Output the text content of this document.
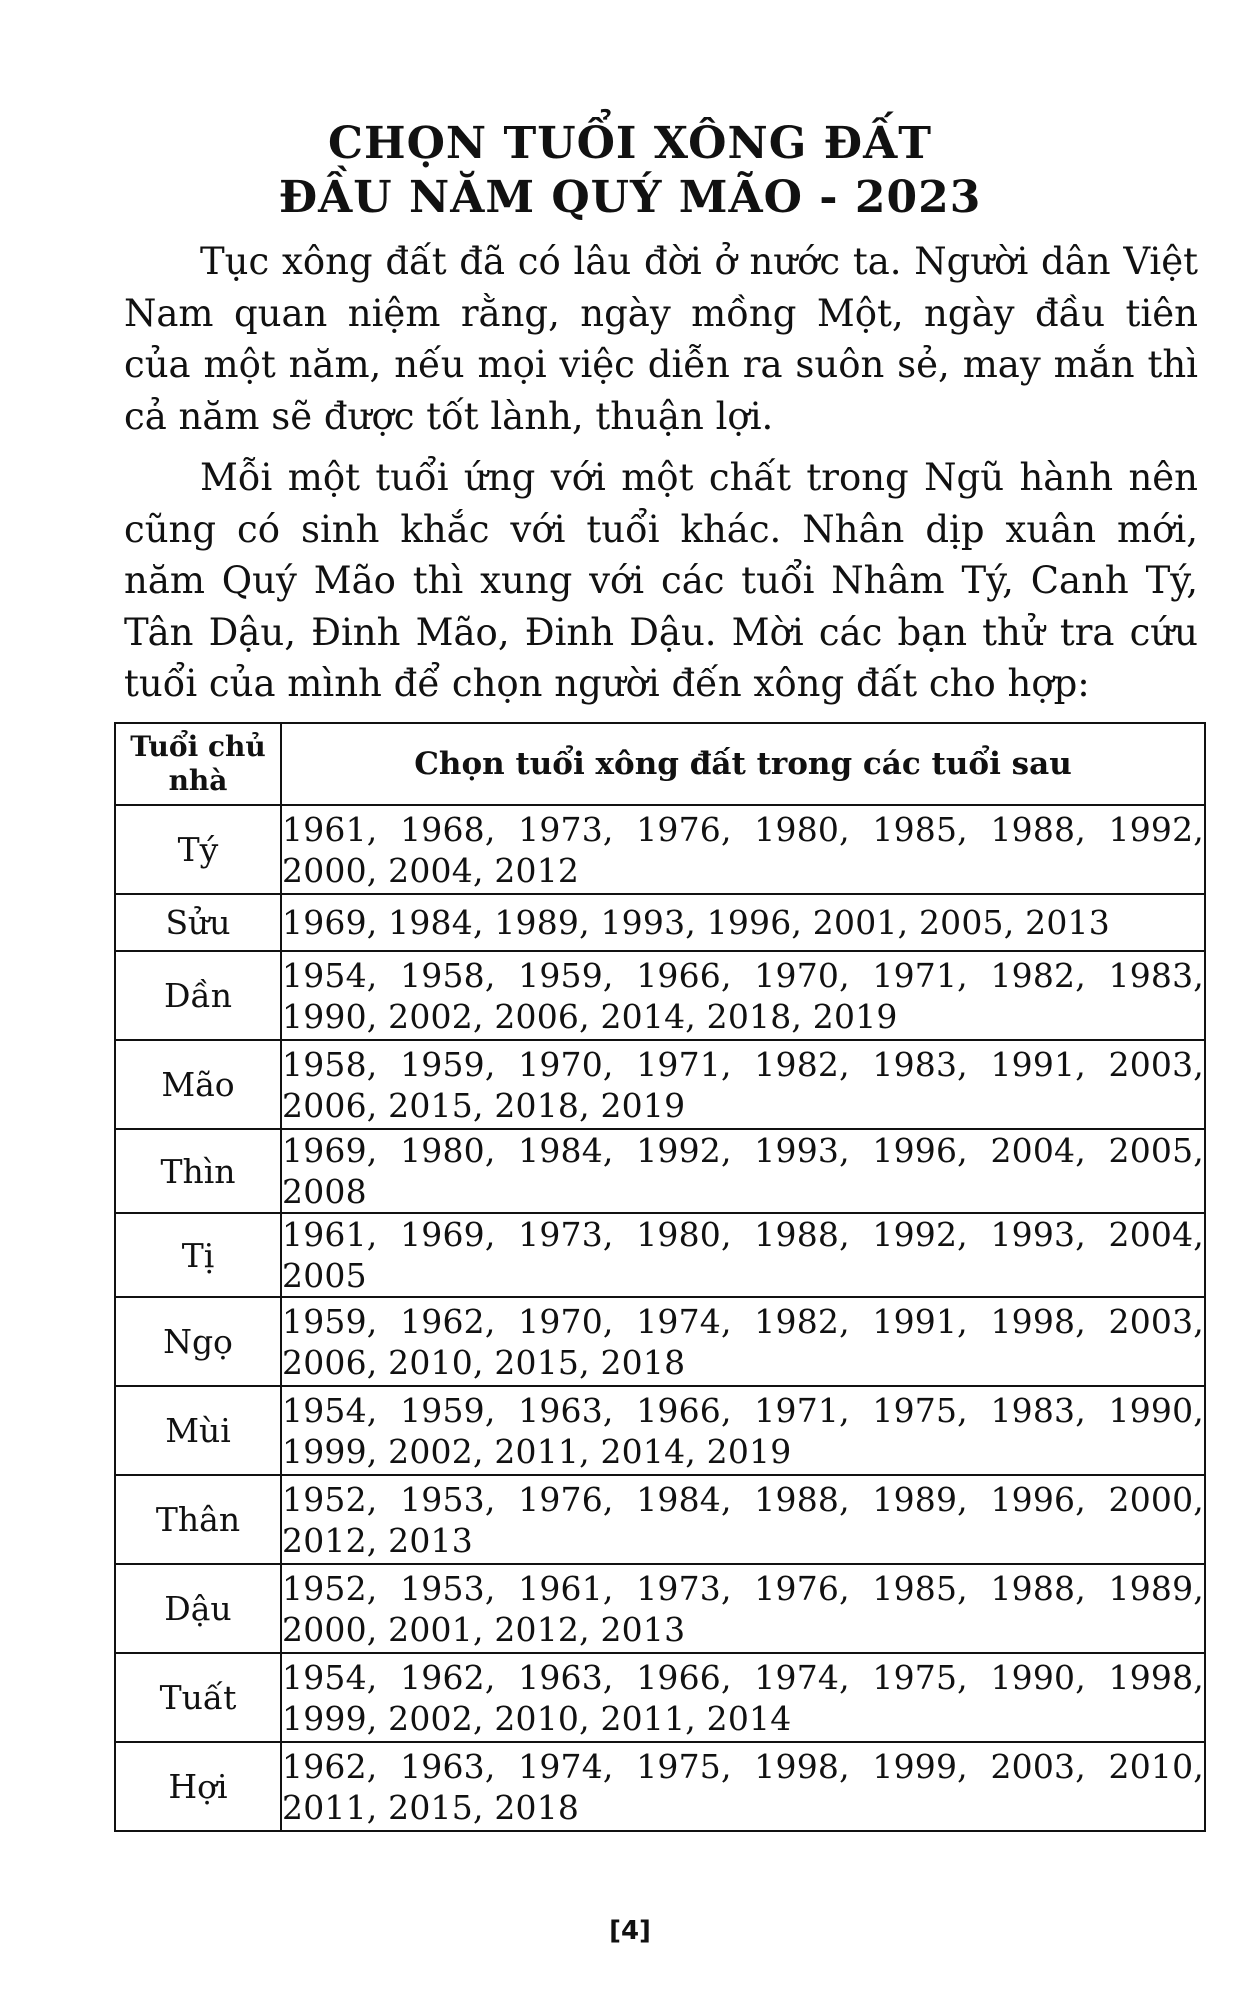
CHỌN TUỔI XÔNG ĐẤT
ĐẦU NĂM QUÝ MÃO - 2023

Tục xông đất đã có lâu đời ở nước ta. Người dân Việt Nam quan niệm rằng, ngày mồng Một, ngày đầu tiên của một năm, nếu mọi việc diễn ra suôn sẻ, may mắn thì cả năm sẽ được tốt lành, thuận lợi.

Mỗi một tuổi ứng với một chất trong Ngũ hành nên cũng có sinh khắc với tuổi khác. Nhân dịp xuân mới, năm Quý Mão thì xung với các tuổi Nhâm Tý, Canh Tý, Tân Dậu, Đinh Mão, Đinh Dậu. Mời các bạn thử tra cứu tuổi của mình để chọn người đến xông đất cho hợp:

Tuổi chủ nhà	Chọn tuổi xông đất trong các tuổi sau
Tý	1961, 1968, 1973, 1976, 1980, 1985, 1988, 1992, 2000, 2004, 2012
Sửu	1969, 1984, 1989, 1993, 1996, 2001, 2005, 2013
Dần	1954, 1958, 1959, 1966, 1970, 1971, 1982, 1983, 1990, 2002, 2006, 2014, 2018, 2019
Mão	1958, 1959, 1970, 1971, 1982, 1983, 1991, 2003, 2006, 2015, 2018, 2019
Thìn	1969, 1980, 1984, 1992, 1993, 1996, 2004, 2005, 2008
Tị	1961, 1969, 1973, 1980, 1988, 1992, 1993, 2004, 2005
Ngọ	1959, 1962, 1970, 1974, 1982, 1991, 1998, 2003, 2006, 2010, 2015, 2018
Mùi	1954, 1959, 1963, 1966, 1971, 1975, 1983, 1990, 1999, 2002, 2011, 2014, 2019
Thân	1952, 1953, 1976, 1984, 1988, 1989, 1996, 2000, 2012, 2013
Dậu	1952, 1953, 1961, 1973, 1976, 1985, 1988, 1989, 2000, 2001, 2012, 2013
Tuất	1954, 1962, 1963, 1966, 1974, 1975, 1990, 1998, 1999, 2002, 2010, 2011, 2014
Hợi	1962, 1963, 1974, 1975, 1998, 1999, 2003, 2010, 2011, 2015, 2018
[4]
